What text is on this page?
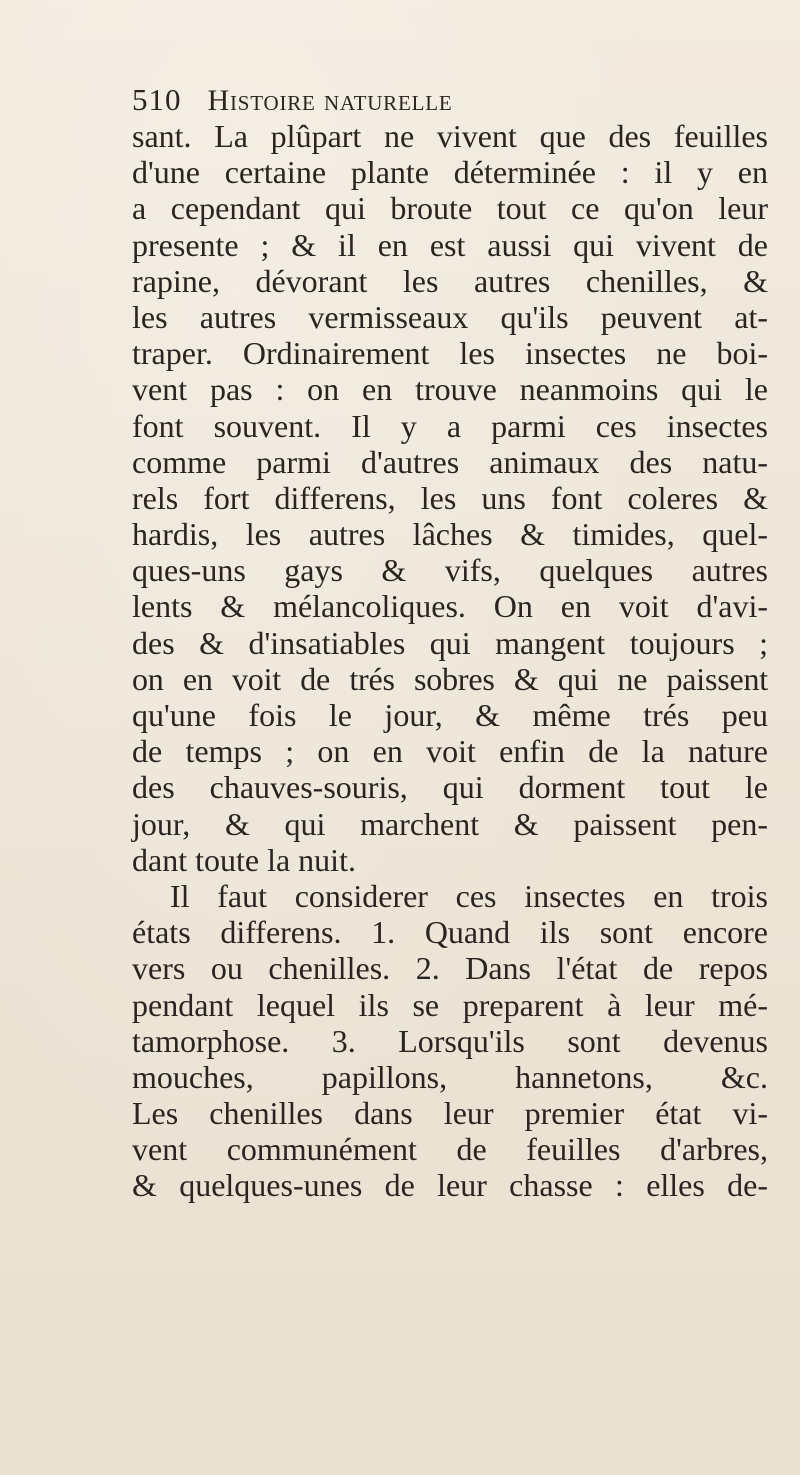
510 Histoire naturelle
sant. La plûpart ne vivent que des feuilles
d'une certaine plante déterminée : il y en
a cependant qui broute tout ce qu'on leur
presente ; & il en est aussi qui vivent de
rapine, dévorant les autres chenilles, &
les autres vermisseaux qu'ils peuvent at-
traper. Ordinairement les insectes ne boi-
vent pas : on en trouve neanmoins qui le
font souvent. Il y a parmi ces insectes
comme parmi d'autres animaux des natu-
rels fort differens, les uns font coleres &
hardis, les autres lâches & timides, quel-
ques-uns gays & vifs, quelques autres
lents & mélancoliques. On en voit d'avi-
des & d'insatiables qui mangent toujours ;
on en voit de trés sobres & qui ne paissent
qu'une fois le jour, & même trés peu
de temps ; on en voit enfin de la nature
des chauves-souris, qui dorment tout le
jour, & qui marchent & paissent pen-
dant toute la nuit.
Il faut considerer ces insectes en trois
états differens. 1. Quand ils sont encore
vers ou chenilles. 2. Dans l'état de repos
pendant lequel ils se preparent à leur mé-
tamorphose. 3. Lorsqu'ils sont devenus
mouches, papillons, hannetons, &c.
Les chenilles dans leur premier état vi-
vent communément de feuilles d'arbres,
& quelques-unes de leur chasse : elles de-
